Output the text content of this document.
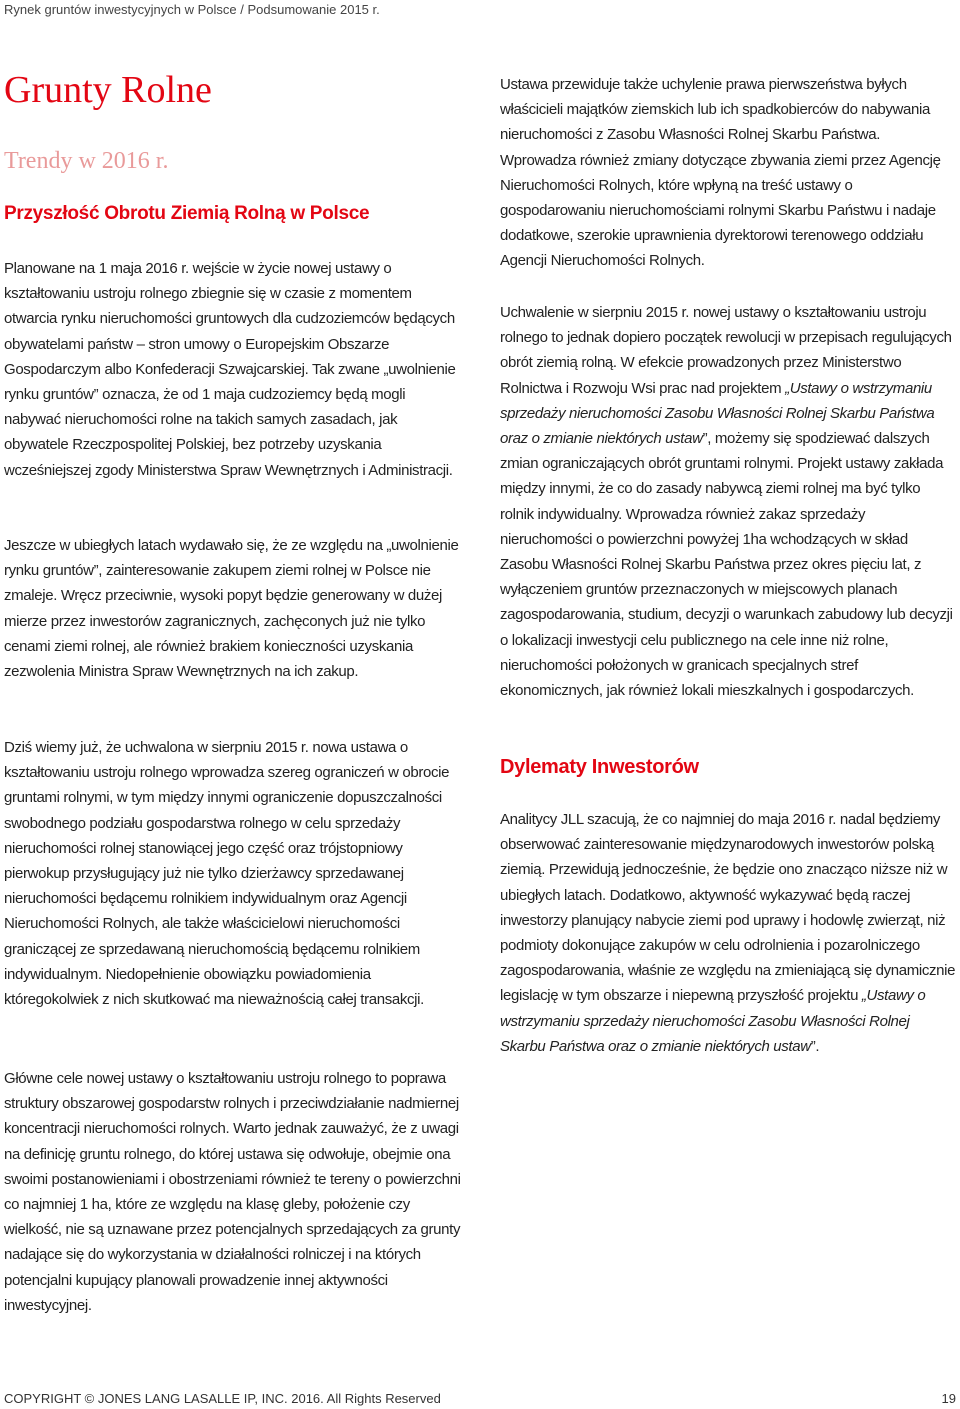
Rynek gruntów inwestycyjnych w Polsce / Podsumowanie 2015 r.
Grunty Rolne
Trendy w 2016 r.
Przyszłość Obrotu Ziemią Rolną w Polsce

Planowane na 1 maja 2016 r. wejście w życie nowej ustawy o kształtowaniu ustroju rolnego zbiegnie się w czasie z momentem otwarcia rynku nieruchomości gruntowych dla cudzoziemców będących obywatelami państw – stron umowy o Europejskim Obszarze Gospodarczym albo Konfederacji Szwajcarskiej. Tak zwane „uwolnienie rynku gruntów” oznacza, że od 1 maja cudzoziemcy będą mogli nabywać nieruchomości rolne na takich samych zasadach, jak obywatele Rzeczpospolitej Polskiej, bez potrzeby uzyskania wcześniejszej zgody Ministerstwa Spraw Wewnętrznych i Administracji.

Jeszcze w ubiegłych latach wydawało się, że ze względu na „uwolnienie rynku gruntów”, zainteresowanie zakupem ziemi rolnej w Polsce nie zmaleje. Wręcz przeciwnie, wysoki popyt będzie generowany w dużej mierze przez inwestorów zagranicznych, zachęconych już nie tylko cenami ziemi rolnej, ale również brakiem konieczności uzyskania zezwolenia Ministra Spraw Wewnętrznych na ich zakup.

Dziś wiemy już, że uchwalona w sierpniu 2015 r. nowa ustawa o kształtowaniu ustroju rolnego wprowadza szereg ograniczeń w obrocie gruntami rolnymi, w tym między innymi ograniczenie dopuszczalności swobodnego podziału gospodarstwa rolnego w celu sprzedaży nieruchomości rolnej stanowiącej jego część oraz trójstopniowy pierwokup przysługujący już nie tylko dzierżawcy sprzedawanej nieruchomości będącemu rolnikiem indywidualnym oraz Agencji Nieruchomości Rolnych, ale także właścicielowi nieruchomości graniczącej ze sprzedawaną nieruchomością będącemu rolnikiem indywidualnym. Niedopełnienie obowiązku powiadomienia któregokolwiek z nich skutkować ma nieważnością całej transakcji.

Główne cele nowej ustawy o kształtowaniu ustroju rolnego to poprawa struktury obszarowej gospodarstw rolnych i przeciwdziałanie nadmiernej koncentracji nieruchomości rolnych. Warto jednak zauważyć, że z uwagi na definicję gruntu rolnego, do której ustawa się odwołuje, obejmie ona swoimi postanowieniami i obostrzeniami również te tereny o powierzchni co najmniej 1 ha, które ze względu na klasę gleby, położenie czy wielkość, nie są uznawane przez potencjalnych sprzedających za grunty nadające się do wykorzystania w działalności rolniczej i na których potencjalni kupujący planowali prowadzenie innej aktywności inwestycyjnej.

Ustawa przewiduje także uchylenie prawa pierwszeństwa byłych właścicieli majątków ziemskich lub ich spadkobierców do nabywania nieruchomości z Zasobu Własności Rolnej Skarbu Państwa. Wprowadza również zmiany dotyczące zbywania ziemi przez Agencję Nieruchomości Rolnych, które wpłyną na treść ustawy o gospodarowaniu nieruchomościami rolnymi Skarbu Państwu i nadaje dodatkowe, szerokie uprawnienia dyrektorowi terenowego oddziału Agencji Nieruchomości Rolnych.

Uchwalenie w sierpniu 2015 r. nowej ustawy o kształtowaniu ustroju rolnego to jednak dopiero początek rewolucji w przepisach regulujących obrót ziemią rolną. W efekcie prowadzonych przez Ministerstwo Rolnictwa i Rozwoju Wsi prac nad projektem „Ustawy o wstrzymaniu sprzedaży nieruchomości Zasobu Własności Rolnej Skarbu Państwa oraz o zmianie niektórych ustaw”, możemy się spodziewać dalszych zmian ograniczających obrót gruntami rolnymi. Projekt ustawy zakłada między innymi, że co do zasady nabywcą ziemi rolnej ma być tylko rolnik indywidualny. Wprowadza również zakaz sprzedaży nieruchomości o powierzchni powyżej 1ha wchodzących w skład Zasobu Własności Rolnej Skarbu Państwa przez okres pięciu lat, z wyłączeniem gruntów przeznaczonych w miejscowych planach zagospodarowania, studium, decyzji o warunkach zabudowy lub decyzji o lokalizacji inwestycji celu publicznego na cele inne niż rolne, nieruchomości położonych w granicach specjalnych stref ekonomicznych, jak również lokali mieszkalnych i gospodarczych.

Dylematy Inwestorów

Analitycy JLL szacują, że co najmniej do maja 2016 r. nadal będziemy obserwować zainteresowanie międzynarodowych inwestorów polską ziemią. Przewidują jednocześnie, że będzie ono znacząco niższe niż w ubiegłych latach. Dodatkowo, aktywność wykazywać będą raczej inwestorzy planujący nabycie ziemi pod uprawy i hodowlę zwierząt, niż podmioty dokonujące zakupów w celu odrolnienia i pozarolniczego zagospodarowania, właśnie ze względu na zmieniającą się dynamicznie legislację w tym obszarze i niepewną przyszłość projektu „Ustawy o wstrzymaniu sprzedaży nieruchomości Zasobu Własności Rolnej Skarbu Państwa oraz o zmianie niektórych ustaw”.

COPYRIGHT © JONES LANG LASALLE IP, INC. 2016. All Rights Reserved	19
